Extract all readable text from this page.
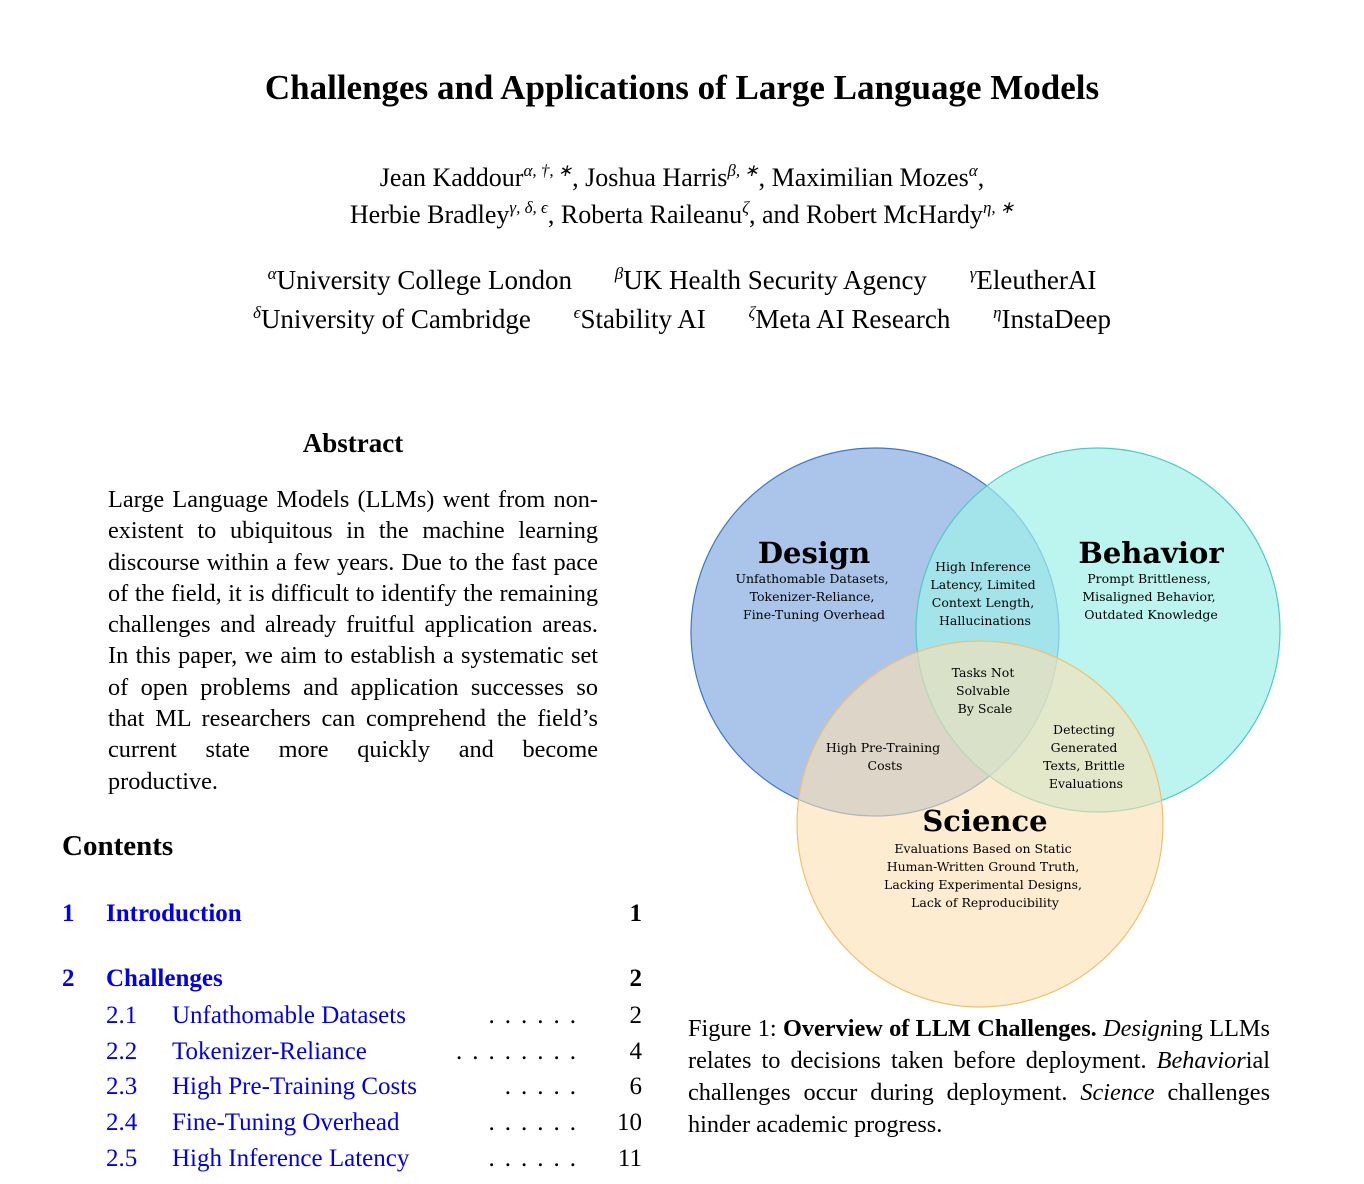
Challenges and Applications of Large Language Models
Jean Kaddour$^{\alpha, \dagger, ∗}$, Joshua Harris$^{\beta, ∗}$, Maximilian Mozes$^\alpha$,
Herbie Bradley$^{\gamma, \delta, \epsilon}$, Roberta Raileanu$^\zeta$, and Robert McHardy$^{\eta, ∗}$
$^\alpha$University College London	$^\beta$UK Health Security Agency	$^\gamma$EleutherAI
$^\delta$University of Cambridge	$^\epsilon$Stability AI	$^\zeta$Meta AI Research	$^\eta$InstaDeep
Abstract
Large Language Models (LLMs) went from non-existent to ubiquitous in the machine learning discourse within a few years. Due to the fast pace of the field, it is difficult to identify the remaining challenges and already fruitful application areas. In this paper, we aim to establish a systematic set of open problems and application successes so that ML researchers can comprehend the field’s current state more quickly and become productive.
Contents
1 Introduction	1
2 Challenges	2
2.1 Unfathomable Datasets	...... 2
2.2 Tokenizer-Reliance	........ 4
2.3 High Pre-Training Costs	..... 6
2.4 Fine-Tuning Overhead	...... 10
2.5 High Inference Latency	...... 11
Design
Unfathomable Datasets, Tokenizer-Reliance, Fine-Tuning Overhead
Behavior
Prompt Brittleness, Misaligned Behavior, Outdated Knowledge
Science
Evaluations Based on Static Human-Written Ground Truth, Lacking Experimental Designs, Lack of Reproducibility
High Inference Latency, Limited Context Length, Hallucinations
Tasks Not Solvable By Scale
High Pre-Training Costs
Detecting Generated Texts, Brittle Evaluations
Figure 1: Overview of LLM Challenges. Designing LLMs relates to decisions taken before deployment. Behaviorial challenges occur during deployment. Science challenges hinder academic progress.
